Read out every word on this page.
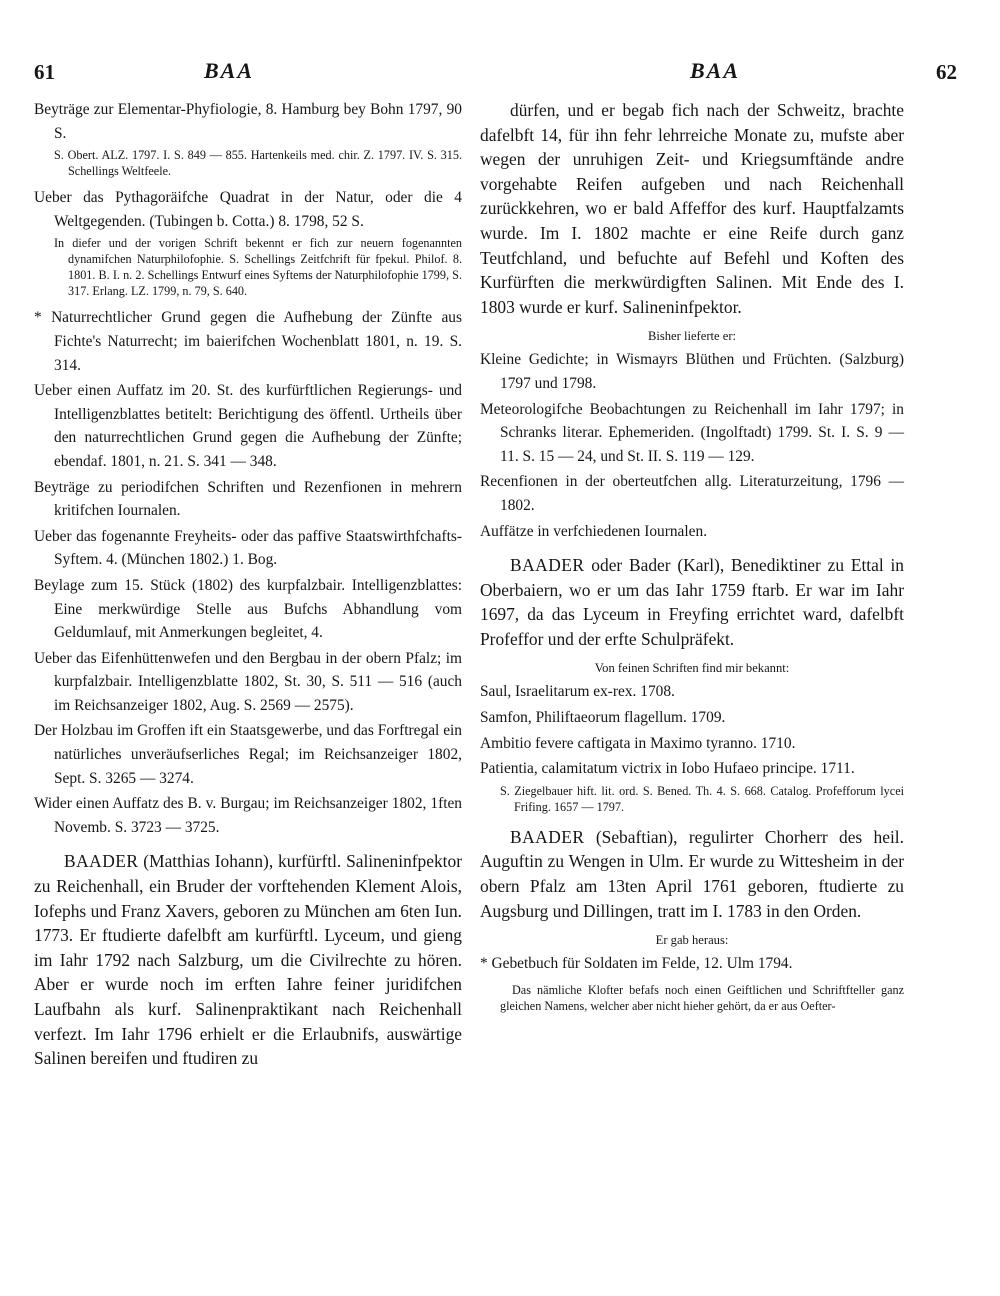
61	BAA	BAA	62

Beyträge zur Elementar-Phyfiologie, 8. Hamburg bey Bohn 1797, 90 S.

S. Obert. ALZ. 1797. I. S. 849 — 855. Hartenkeils med. chir. Z. 1797. IV. S. 315. Schellings Weltfeele.

Ueber das Pythagoräifche Quadrat in der Natur, oder die 4 Weltgegenden. (Tubingen b. Cotta.) 8. 1798, 52 S.

In diefer und der vorigen Schrift bekennt er fich zur neuern fogenannten dynamifchen Naturphilofophie. S. Schellings Zeitfchrift für fpekul. Philof. 8. 1801. B. I. n. 2. Schellings Entwurf eines Syftems der Naturphilofophie 1799, S. 317. Erlang. LZ. 1799, n. 79, S. 640.

* Naturrechtlicher Grund gegen die Aufhebung der Zünfte aus Fichte's Naturrecht; im baierifchen Wochenblatt 1801, n. 19. S. 314.

Ueber einen Auffatz im 20. St. des kurfürftlichen Regierungs- und Intelligenzblattes betitelt: Berichtigung des öffentl. Urtheils über den naturrechtlichen Grund gegen die Aufhebung der Zünfte; ebendaf. 1801, n. 21. S. 341 — 348.

Beyträge zu periodifchen Schriften und Rezenfionen in mehrern kritifchen Iournalen.

Ueber das fogenannte Freyheits- oder das paffive Staatswirthfchafts-Syftem. 4. (München 1802.) 1. Bog.

Beylage zum 15. Stück (1802) des kurpfalzbair. Intelligenzblattes: Eine merkwürdige Stelle aus Bufchs Abhandlung vom Geldumlauf, mit Anmerkungen begleitet, 4.

Ueber das Eifenhüttenwefen und den Bergbau in der obern Pfalz; im kurpfalzbair. Intelligenzblatte 1802, St. 30, S. 511 — 516 (auch im Reichsanzeiger 1802, Aug. S. 2569 — 2575).

Der Holzbau im Groffen ift ein Staatsgewerbe, und das Forftregal ein natürliches unveräufserliches Regal; im Reichsanzeiger 1802, Sept. S. 3265 — 3274.

Wider einen Auffatz des B. v. Burgau; im Reichsanzeiger 1802, 1ften Novemb. S. 3723 — 3725.

BAADER (Matthias Iohann), kurfürftl. Salineninfpektor zu Reichenhall, ein Bruder der vorftehenden Klement Alois, Iofephs und Franz Xavers, geboren zu München am 6ten Iun. 1773. Er ftudierte dafelbft am kurfürftl. Lyceum, und gieng im Iahr 1792 nach Salzburg, um die Civilrechte zu hören. Aber er wurde noch im erften Iahre feiner juridifchen Laufbahn als kurf. Salinenpraktikant nach Reichenhall verfezt. Im Iahr 1796 erhielt er die Erlaubnifs, auswärtige Salinen bereifen und ftudiren zu

dürfen, und er begab fich nach der Schweitz, brachte dafelbft 14, für ihn fehr lehrreiche Monate zu, mufste aber wegen der unruhigen Zeit- und Kriegsumftände andre vorgehabte Reifen aufgeben und nach Reichenhall zurückkehren, wo er bald Affeffor des kurf. Hauptfalzamts wurde. Im I. 1802 machte er eine Reife durch ganz Teutfchland, und befuchte auf Befehl und Koften des Kurfürften die merkwürdigften Salinen. Mit Ende des I. 1803 wurde er kurf. Salineninfpektor.

Bisher lieferte er:

Kleine Gedichte; in Wismayrs Blüthen und Früchten. (Salzburg) 1797 und 1798.

Meteorologifche Beobachtungen zu Reichenhall im Iahr 1797; in Schranks literar. Ephemeriden. (Ingolftadt) 1799. St. I. S. 9 — 11. S. 15 — 24, und St. II. S. 119 — 129.

Recenfionen in der oberteutfchen allg. Literaturzeitung, 1796 — 1802.

Auffätze in verfchiedenen Iournalen.

BAADER oder Bader (Karl), Benediktiner zu Ettal in Oberbaiern, wo er um das Iahr 1759 ftarb. Er war im Iahr 1697, da das Lyceum in Freyfing errichtet ward, dafelbft Profeffor und der erfte Schulpräfekt.

Von feinen Schriften find mir bekannt:

Saul, Israelitarum ex-rex. 1708.

Samfon, Philiftaeorum flagellum. 1709.

Ambitio fevere caftigata in Maximo tyranno. 1710.

Patientia, calamitatum victrix in Iobo Hufaeo principe. 1711.

S. Ziegelbauer hift. lit. ord. S. Bened. Th. 4. S. 668. Catalog. Profefforum lycei Frifing. 1657 — 1797.

BAADER (Sebaftian), regulirter Chorherr des heil. Auguftin zu Wengen in Ulm. Er wurde zu Wittesheim in der obern Pfalz am 13ten April 1761 geboren, ftudierte zu Augsburg und Dillingen, tratt im I. 1783 in den Orden.

Er gab heraus:

* Gebetbuch für Soldaten im Felde, 12. Ulm 1794.

Das nämliche Klofter befafs noch einen Geiftlichen und Schriftfteller ganz gleichen Namens, welcher aber nicht hieher gehört, da er aus Oefter-
